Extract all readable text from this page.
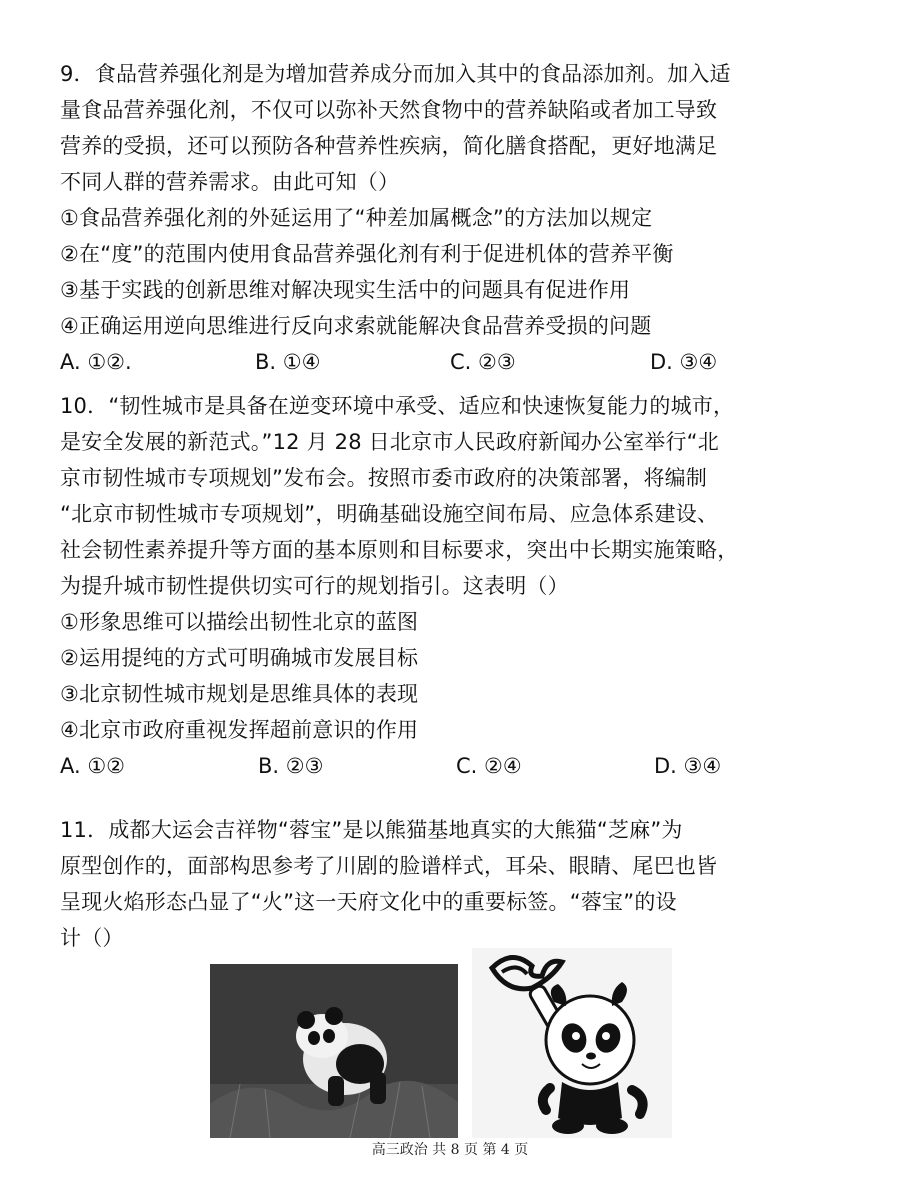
9．食品营养强化剂是为增加营养成分而加入其中的食品添加剂。加入适
量食品营养强化剂，不仅可以弥补天然食物中的营养缺陷或者加工导致
营养的受损，还可以预防各种营养性疾病，简化膳食搭配，更好地满足
不同人群的营养需求。由此可知（）
①食品营养强化剂的外延运用了“种差加属概念”的方法加以规定
②在“度”的范围内使用食品营养强化剂有利于促进机体的营养平衡
③基于实践的创新思维对解决现实生活中的问题具有促进作用
④正确运用逆向思维进行反向求索就能解决食品营养受损的问题
A. ①②.	B. ①④	C. ②③	D. ③④
10．“韧性城市是具备在逆变环境中承受、适应和快速恢复能力的城市，
是安全发展的新范式。”12 月 28 日北京市人民政府新闻办公室举行“北
京市韧性城市专项规划”发布会。按照市委市政府的决策部署，将编制
“北京市韧性城市专项规划”，明确基础设施空间布局、应急体系建设、
社会韧性素养提升等方面的基本原则和目标要求，突出中长期实施策略，
为提升城市韧性提供切实可行的规划指引。这表明（）
①形象思维可以描绘出韧性北京的蓝图
②运用提纯的方式可明确城市发展目标
③北京韧性城市规划是思维具体的表现
④北京市政府重视发挥超前意识的作用
A. ①②	B. ②③	C. ②④	D. ③④
11．成都大运会吉祥物“蓉宝”是以熊猫基地真实的大熊猫“芝麻”为
原型创作的，面部构思参考了川剧的脸谱样式，耳朵、眼睛、尾巴也皆
呈现火焰形态凸显了“火”这一天府文化中的重要标签。“蓉宝”的设
计（）
高三政治 共 8 页 第 4 页
